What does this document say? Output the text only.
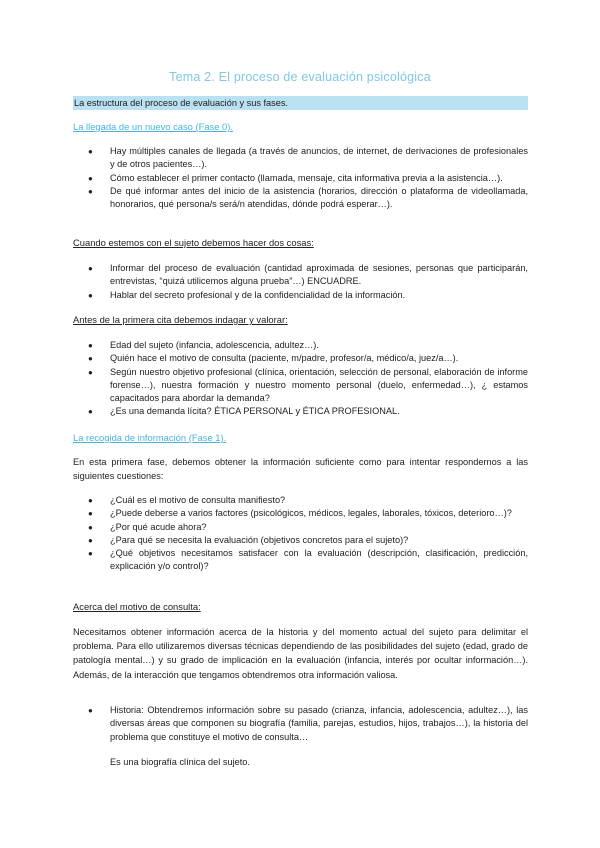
Tema 2. El proceso de evaluación psicológica
La estructura del proceso de evaluación y sus fases.
La llegada de un nuevo caso (Fase 0).
● Hay múltiples canales de llegada (a través de anuncios, de internet, de derivaciones de profesionales y de otros pacientes…).
● Cómo establecer el primer contacto (llamada, mensaje, cita informativa previa a la asistencia…).
● De qué informar antes del inicio de la asistencia (horarios, dirección o plataforma de videollamada, honorarios, qué persona/s será/n atendidas, dónde podrá esperar…).
Cuando estemos con el sujeto debemos hacer dos cosas:
● Informar del proceso de evaluación (cantidad aproximada de sesiones, personas que participarán, entrevistas, “quizá utilicemos alguna prueba”…) ENCUADRE.
● Hablar del secreto profesional y de la confidencialidad de la información.
Antes de la primera cita debemos indagar y valorar:
● Edad del sujeto (infancia, adolescencia, adultez…).
● Quién hace el motivo de consulta (paciente, m/padre, profesor/a, médico/a, juez/a…).
● Según nuestro objetivo profesional (clínica, orientación, selección de personal, elaboración de informe forense…), nuestra formación y nuestro momento personal (duelo, enfermedad…), ¿ estamos capacitados para abordar la demanda?
● ¿Es una demanda lícita? ÉTICA PERSONAL y ÉTICA PROFESIONAL.
La recogida de información (Fase 1).
En esta primera fase, debemos obtener la información suficiente como para intentar respondernos a las siguientes cuestiones:
● ¿Cuál es el motivo de consulta manifiesto?
● ¿Puede deberse a varios factores (psicológicos, médicos, legales, laborales, tóxicos, deterioro…)?
● ¿Por qué acude ahora?
● ¿Para qué se necesita la evaluación (objetivos concretos para el sujeto)?
● ¿Qué objetivos necesitamos satisfacer con la evaluación (descripción, clasificación, predicción, explicación y/o control)?
Acerca del motivo de consulta:
Necesitamos obtener información acerca de la historia y del momento actual del sujeto para delimitar el problema. Para ello utilizaremos diversas técnicas dependiendo de las posibilidades del sujeto (edad, grado de patología mental…) y su grado de implicación en la evaluación (infancia, interés por ocultar información…). Además, de la interacción que tengamos obtendremos otra información valiosa.
● Historia: Obtendremos información sobre su pasado (crianza, infancia, adolescencia, adultez…), las diversas áreas que componen su biografía (familia, parejas, estudios, hijos, trabajos…), la historia del problema que constituye el motivo de consulta…
Es una biografía clínica del sujeto.
